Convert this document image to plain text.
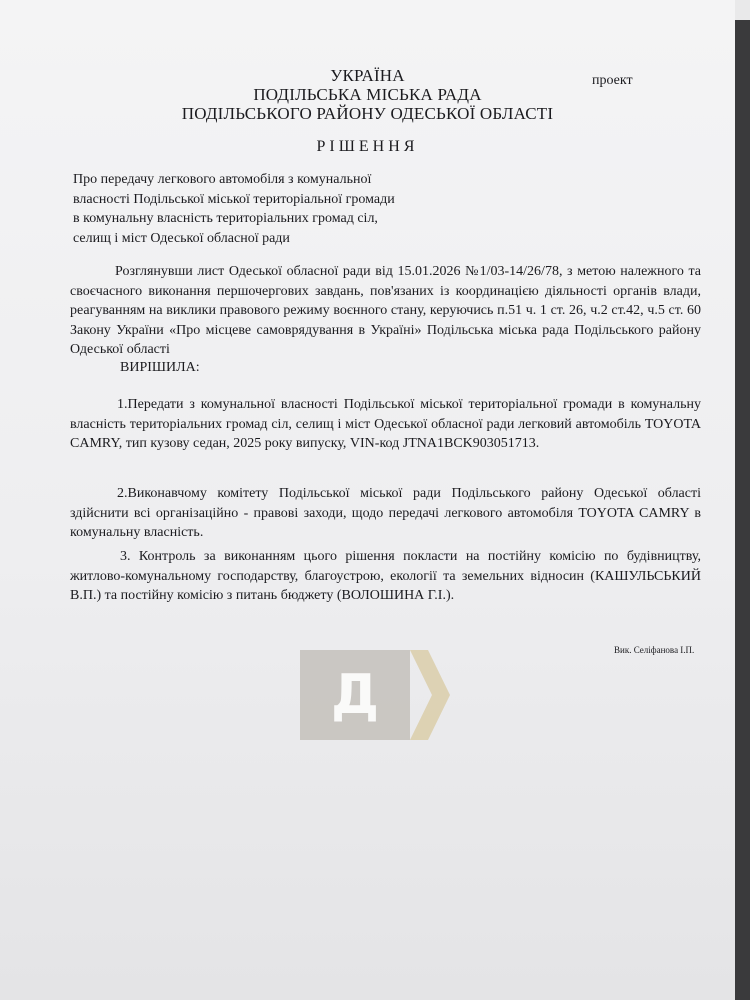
УКРАЇНА
ПОДІЛЬСЬКА МІСЬКА РАДА
ПОДІЛЬСЬКОГО РАЙОНУ ОДЕСЬКОЇ ОБЛАСТІ
проект
РІШЕННЯ
Про передачу легкового автомобіля з комунальної
власності Подільської міської територіальної громади
в комунальну власність територіальних громад сіл,
селищ і міст Одеської обласної ради
Розглянувши лист Одеської обласної ради від 15.01.2026 №1/03-14/26/78, з метою належного та своєчасного виконання першочергових завдань, пов'язаних із координацією діяльності органів влади, реагуванням на виклики правового режиму воєнного стану, керуючись п.51 ч. 1 ст. 26, ч.2 ст.42, ч.5 ст. 60 Закону України «Про місцеве самоврядування в Україні» Подільська міська рада Подільського району Одеської області
ВИРІШИЛА:
1.Передати з комунальної власності Подільської міської територіальної громади в комунальну власність територіальних громад сіл, селищ і міст Одеської обласної ради легковий автомобіль TOYOTA CAMRY, тип кузову седан, 2025 року випуску, VIN-код JTNA1BCK903051713.
2.Виконавчому комітету Подільської міської ради Подільського району Одеської області здійснити всі організаційно - правові заходи, щодо передачі легкового автомобіля TOYOTA CAMRY в комунальну власність.
3. Контроль за виконанням цього рішення покласти на постійну комісію по будівництву, житлово-комунальному господарству, благоустрою, екології та земельних відносин (КАШУЛЬСЬКИЙ В.П.) та постійну комісію з питань бюджету (ВОЛОШИНА Г.І.).
Вик. Селіфанова І.П.
Д
